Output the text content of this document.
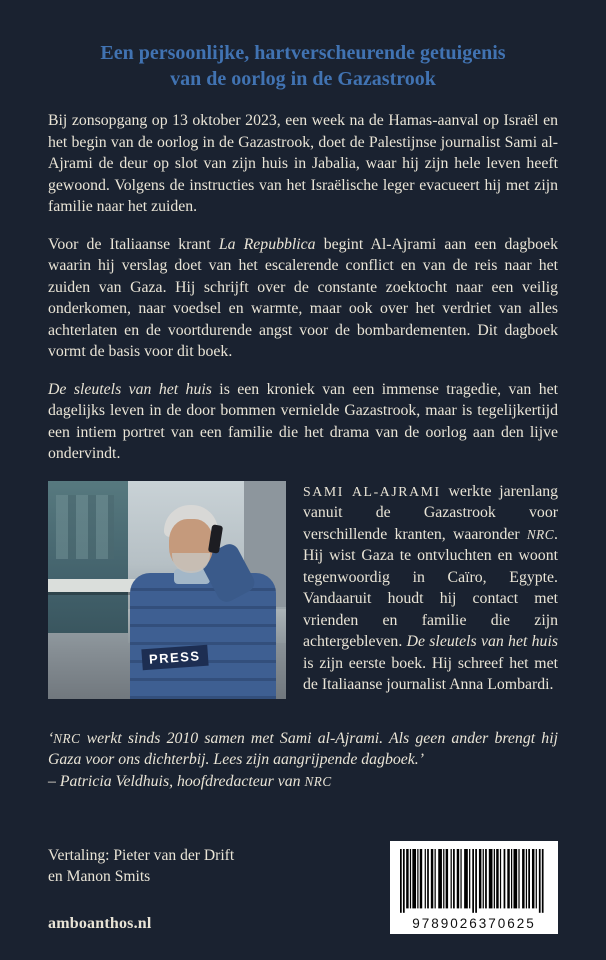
Een persoonlijke, hartverscheurende getuigenis
van de oorlog in de Gazastrook

Bij zonsopgang op 13 oktober 2023, een week na de Hamas-aanval op Israël en het begin van de oorlog in de Gazastrook, doet de Palestijnse journalist Sami al-Ajrami de deur op slot van zijn huis in Jabalia, waar hij zijn hele leven heeft gewoond. Volgens de instructies van het Israëlische leger evacueert hij met zijn familie naar het zuiden.

Voor de Italiaanse krant La Repubblica begint Al-Ajrami aan een dagboek waarin hij verslag doet van het escalerende conflict en van de reis naar het zuiden van Gaza. Hij schrijft over de constante zoektocht naar een veilig onderkomen, naar voedsel en warmte, maar ook over het verdriet van alles achterlaten en de voortdurende angst voor de bombardementen. Dit dagboek vormt de basis voor dit boek.

De sleutels van het huis is een kroniek van een immense tragedie, van het dagelijks leven in de door bommen vernielde Gazastrook, maar is tegelijkertijd een intiem portret van een familie die het drama van de oorlog aan den lijve ondervindt.

PRESS

SAMI AL-AJRAMI werkte jarenlang vanuit de Gazastrook voor verschillende kranten, waaronder NRC. Hij wist Gaza te ontvluchten en woont tegenwoordig in Caïro, Egypte. Vandaaruit houdt hij contact met vrienden en familie die zijn achtergebleven. De sleutels van het huis is zijn eerste boek. Hij schreef het met de Italiaanse journalist Anna Lombardi.

‘NRC werkt sinds 2010 samen met Sami al-Ajrami. Als geen ander brengt hij Gaza voor ons dichterbij. Lees zijn aangrijpende dagboek.’

– Patricia Veldhuis, hoofdredacteur van NRC

Vertaling: Pieter van der Drift
en Manon Smits
amboanthos.nl	9789026370625
